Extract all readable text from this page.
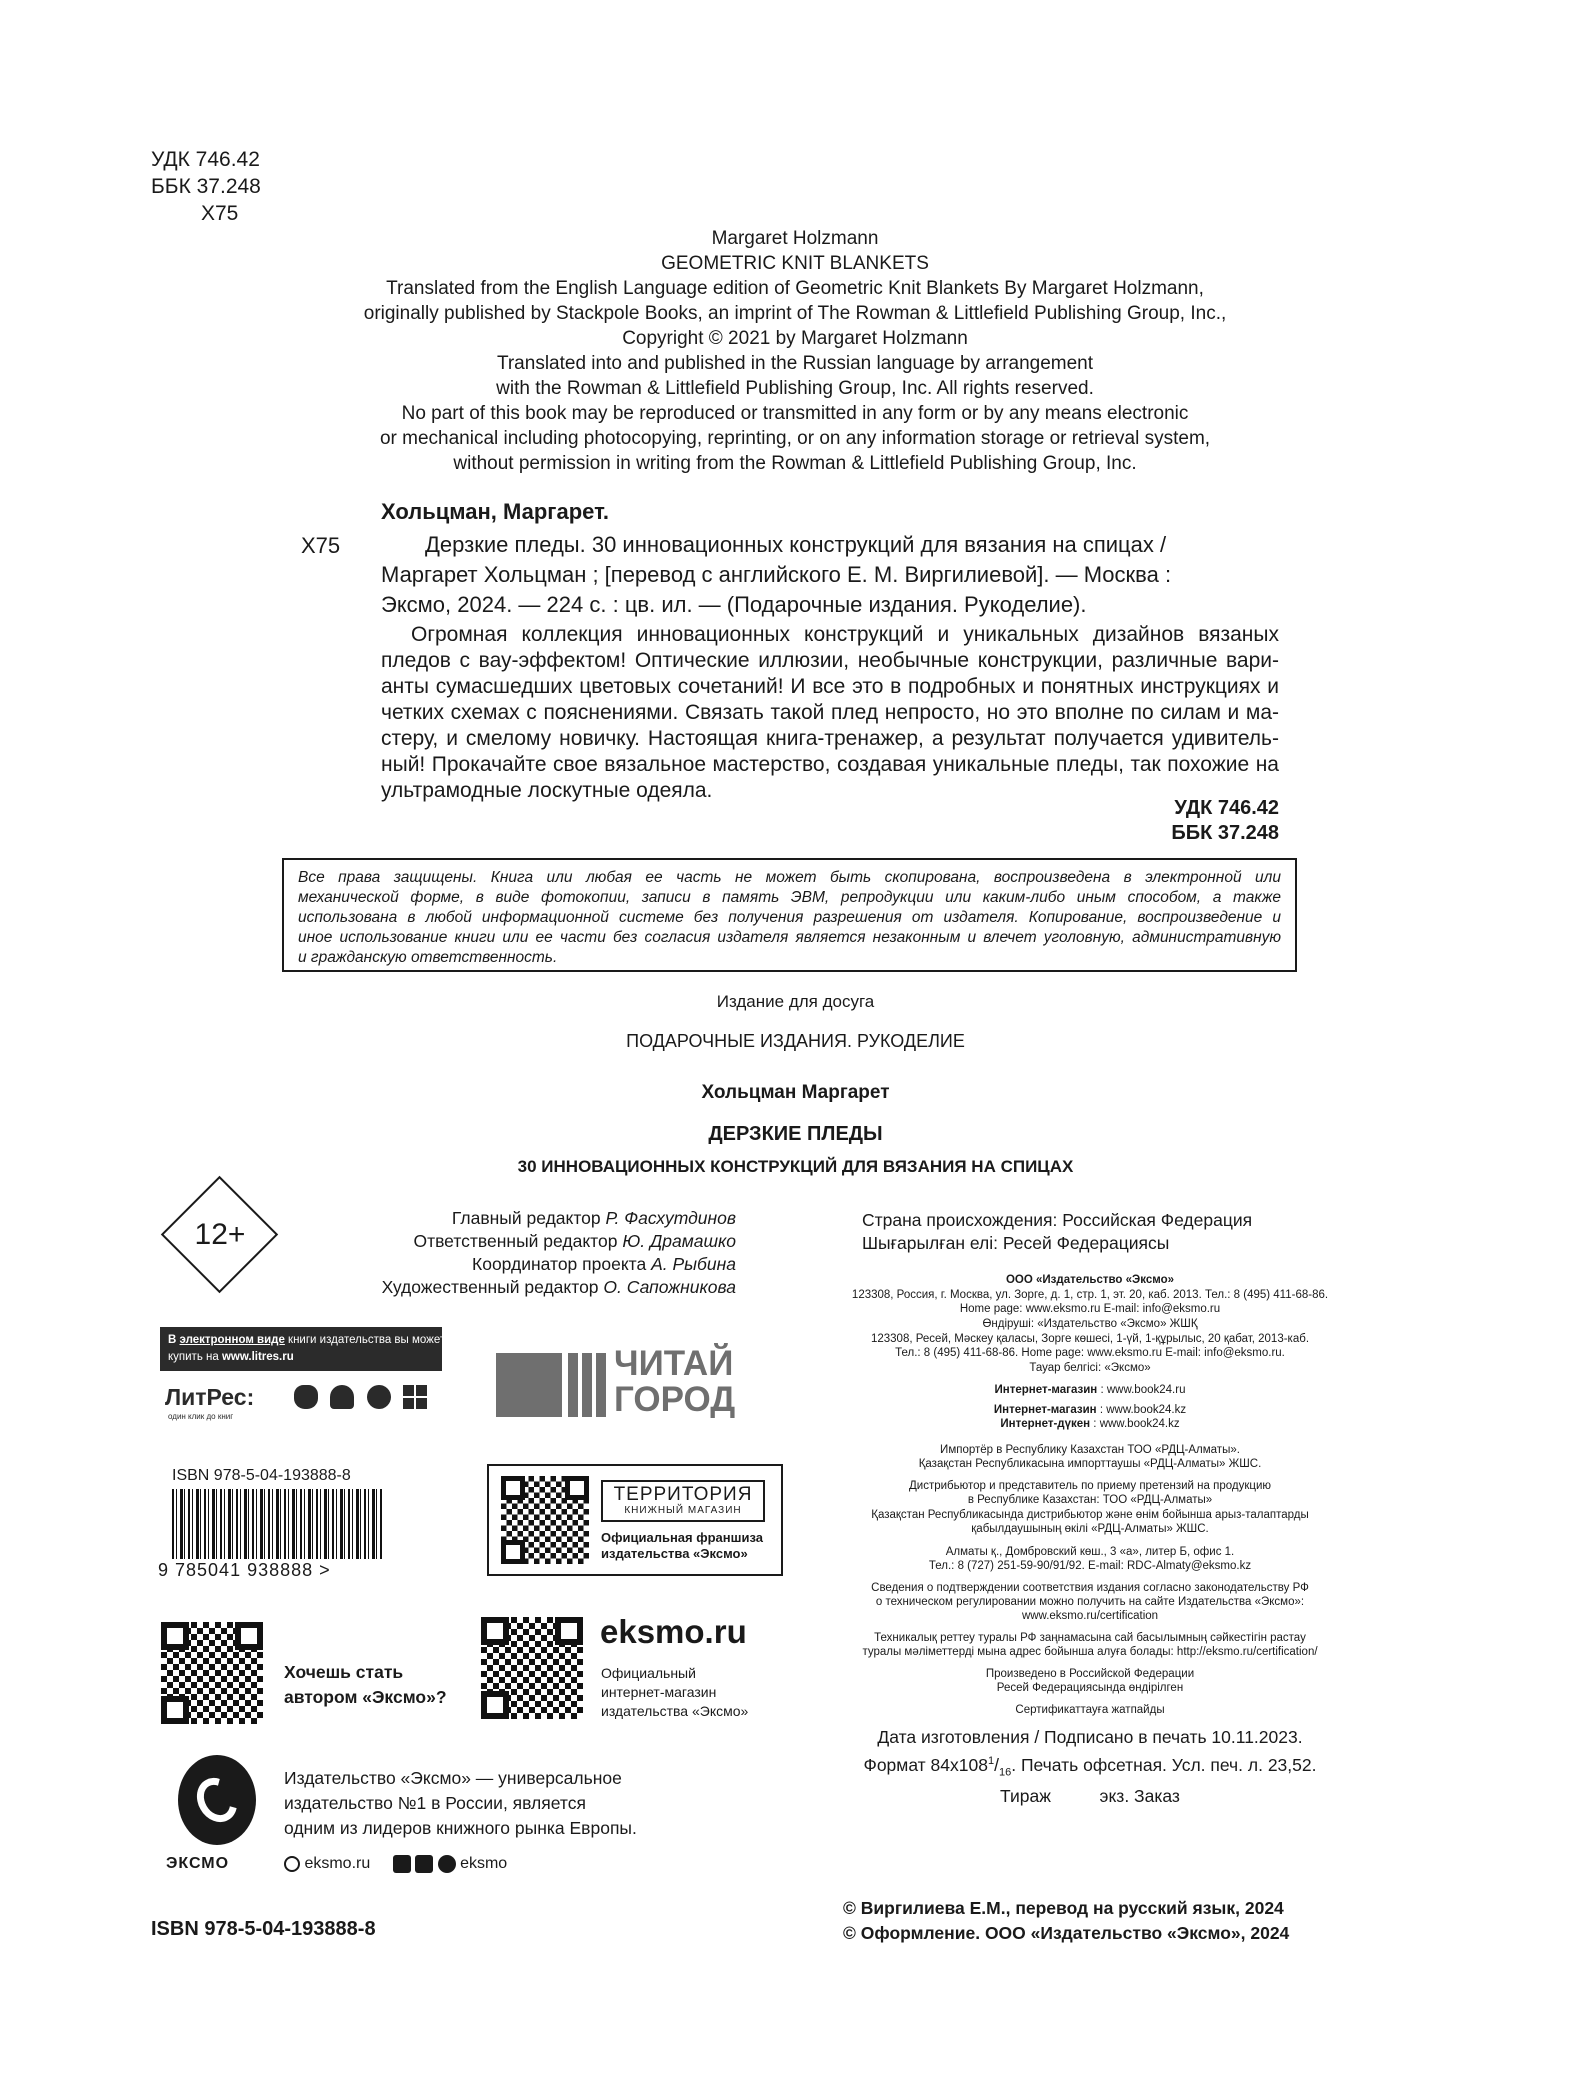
УДК 746.42
ББК 37.248
Х75
Margaret Holzmann
GEOMETRIC KNIT BLANKETS
Translated from the English Language edition of Geometric Knit Blankets By Margaret Holzmann,
originally published by Stackpole Books, an imprint of The Rowman & Littlefield Publishing Group, Inc.,
Copyright © 2021 by Margaret Holzmann
Translated into and published in the Russian language by arrangement
with the Rowman & Littlefield Publishing Group, Inc. All rights reserved.
No part of this book may be reproduced or transmitted in any form or by any means electronic
or mechanical including photocopying, reprinting, or on any information storage or retrieval system,
without permission in writing from the Rowman & Littlefield Publishing Group, Inc.
Хольцман, Маргарет.
Х75	Дерзкие пледы. 30 инновационных конструкций для вязания на спицах /
Маргарет Хольцман ; [перевод с английского Е. М. Виргилиевой]. — Москва :
Эксмо, 2024. — 224 с. : цв. ил. — (Подарочные издания. Рукоделие).
Огромная коллекция инновационных конструкций и уникальных дизайнов вязаных
пледов с вау-эффектом! Оптические иллюзии, необычные конструкции, различные вари-
анты сумасшедших цветовых сочетаний! И все это в подробных и понятных инструкциях и
четких схемах с пояснениями. Связать такой плед непросто, но это вполне по силам и ма-
стеру, и смелому новичку. Настоящая книга-тренажер, а результат получается удивитель-
ный! Прокачайте свое вязальное мастерство, создавая уникальные пледы, так похожие на
ультрамодные лоскутные одеяла.
УДК 746.42
ББК 37.248
Все права защищены. Книга или любая ее часть не может быть скопирована, воспроизведена в электронной или
механической форме, в виде фотокопии, записи в память ЭВМ, репродукции или каким-либо иным способом, а также
использована в любой информационной системе без получения разрешения от издателя. Копирование, воспроизведение и
иное использование книги или ее части без согласия издателя является незаконным и влечет уголовную, административную
и гражданскую ответственность.
Издание для досуга
ПОДАРОЧНЫЕ ИЗДАНИЯ. РУКОДЕЛИЕ
Хольцман Маргарет
ДЕРЗКИЕ ПЛЕДЫ
30 ИННОВАЦИОННЫХ КОНСТРУКЦИЙ ДЛЯ ВЯЗАНИЯ НА СПИЦАХ
12+	Главный редактор Р. Фасхутдинов
Ответственный редактор Ю. Драмашко
Координатор проекта А. Рыбина
Художественный редактор О. Сапожникова
Страна происхождения: Российская Федерация
Шығарылған елі: Ресей Федерациясы
ООО «Издательство «Эксмо»
123308, Россия, г. Москва, ул. Зорге, д. 1, стр. 1, эт. 20, каб. 2013. Тел.: 8 (495) 411-68-86.
Home page: www.eksmo.ru E-mail: info@eksmo.ru
Өндіруші: «Издательство «Эксмо» ЖШҚ
123308, Ресей, Мәскеу қаласы, Зорге көшесі, 1-үй, 1-құрылыс, 20 қабат, 2013-каб.
Тел.: 8 (495) 411-68-86. Home page: www.eksmo.ru E-mail: info@eksmo.ru.
Тауар белгісі: «Эксмо»
Интернет-магазин : www.book24.ru
Интернет-магазин : www.book24.kz
Интернет-дүкен : www.book24.kz
Импортёр в Республику Казахстан ТОО «РДЦ-Алматы».
Қазақстан Республикасына импорттаушы «РДЦ-Алматы» ЖШС.
Дистрибьютор и представитель по приему претензий на продукцию
в Республике Казахстан: ТОО «РДЦ-Алматы»
Қазақстан Республикасында дистрибьютор және өнім бойынша арыз-талаптарды
қабылдаушының өкілі «РДЦ-Алматы» ЖШС.
Алматы қ., Домбровский көш., 3 «а», литер Б, офис 1.
Тел.: 8 (727) 251-59-90/91/92. E-mail: RDC-Almaty@eksmo.kz
Сведения о подтверждении соответствия издания согласно законодательству РФ
о техническом регулировании можно получить на сайте Издательства «Эксмо»:
www.eksmo.ru/certification
Техникалық реттеу туралы РФ заңнамасына сай басылымның сәйкестігін растау
туралы мәліметтерді мына адрес бойынша алуға болады: http://eksmo.ru/certification/
Произведено в Российской Федерации
Ресей Федерациясында өндірілген
Сертификаттауға жатпайды
Дата изготовления / Подписано в печать 10.11.2023.
Формат $84х108^1/_{16}$. Печать офсетная. Усл. печ. л. 23,52.
Тираж          экз. Заказ
В электронном виде книги издательства вы можете
купить на www.litres.ru
ЛитРес:
один клик до книг

ЧИТАЙ
ГОРОД
ISBN 978-5-04-193888-8
9 785041 938888 >
ТЕРРИТОРИЯ
КНИЖНЫЙ МАГАЗИН
Официальная франшиза
издательства «Эксмо»
Хочешь стать
автором «Эксмо»?
eksmo.ru
Официальный
интернет-магазин
издательства «Эксмо»
ЭКСМО
Издательство «Эксмо» — универсальное
издательство №1 в России, является
одним из лидеров книжного рынка Европы.
eksmo.ru	eksmo
ISBN 978-5-04-193888-8
© Виргилиева Е.М., перевод на русский язык, 2024
© Оформление. ООО «Издательство «Эксмо», 2024
